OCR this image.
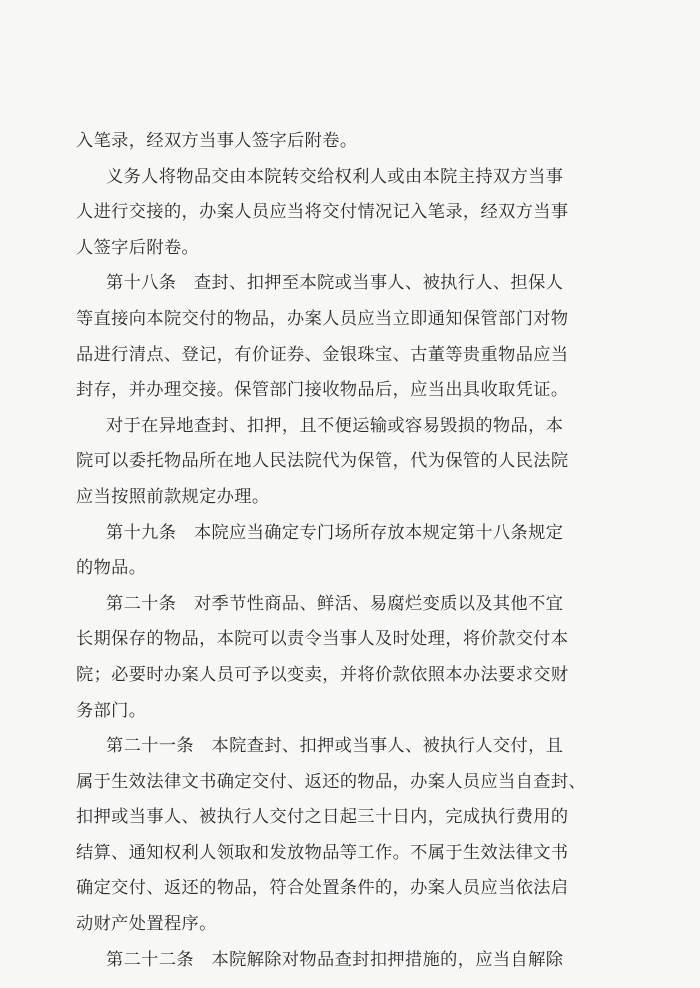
入笔录，经双方当事人签字后附卷。

义务人将物品交由本院转交给权利人或由本院主持双方当事

人进行交接的，办案人员应当将交付情况记入笔录，经双方当事

人签字后附卷。

第十八条　查封、扣押至本院或当事人、被执行人、担保人

等直接向本院交付的物品，办案人员应当立即通知保管部门对物

品进行清点、登记，有价证券、金银珠宝、古董等贵重物品应当

封存，并办理交接。保管部门接收物品后，应当出具收取凭证。

对于在异地查封、扣押，且不便运输或容易毁损的物品，本

院可以委托物品所在地人民法院代为保管，代为保管的人民法院

应当按照前款规定办理。

第十九条　本院应当确定专门场所存放本规定第十八条规定

的物品。

第二十条　对季节性商品、鲜活、易腐烂变质以及其他不宜

长期保存的物品，本院可以责令当事人及时处理，将价款交付本

院；必要时办案人员可予以变卖，并将价款依照本办法要求交财

务部门。

第二十一条　本院查封、扣押或当事人、被执行人交付，且

属于生效法律文书确定交付、返还的物品，办案人员应当自查封、

扣押或当事人、被执行人交付之日起三十日内，完成执行费用的

结算、通知权利人领取和发放物品等工作。不属于生效法律文书

确定交付、返还的物品，符合处置条件的，办案人员应当依法启

动财产处置程序。

第二十二条　本院解除对物品查封扣押措施的，应当自解除
